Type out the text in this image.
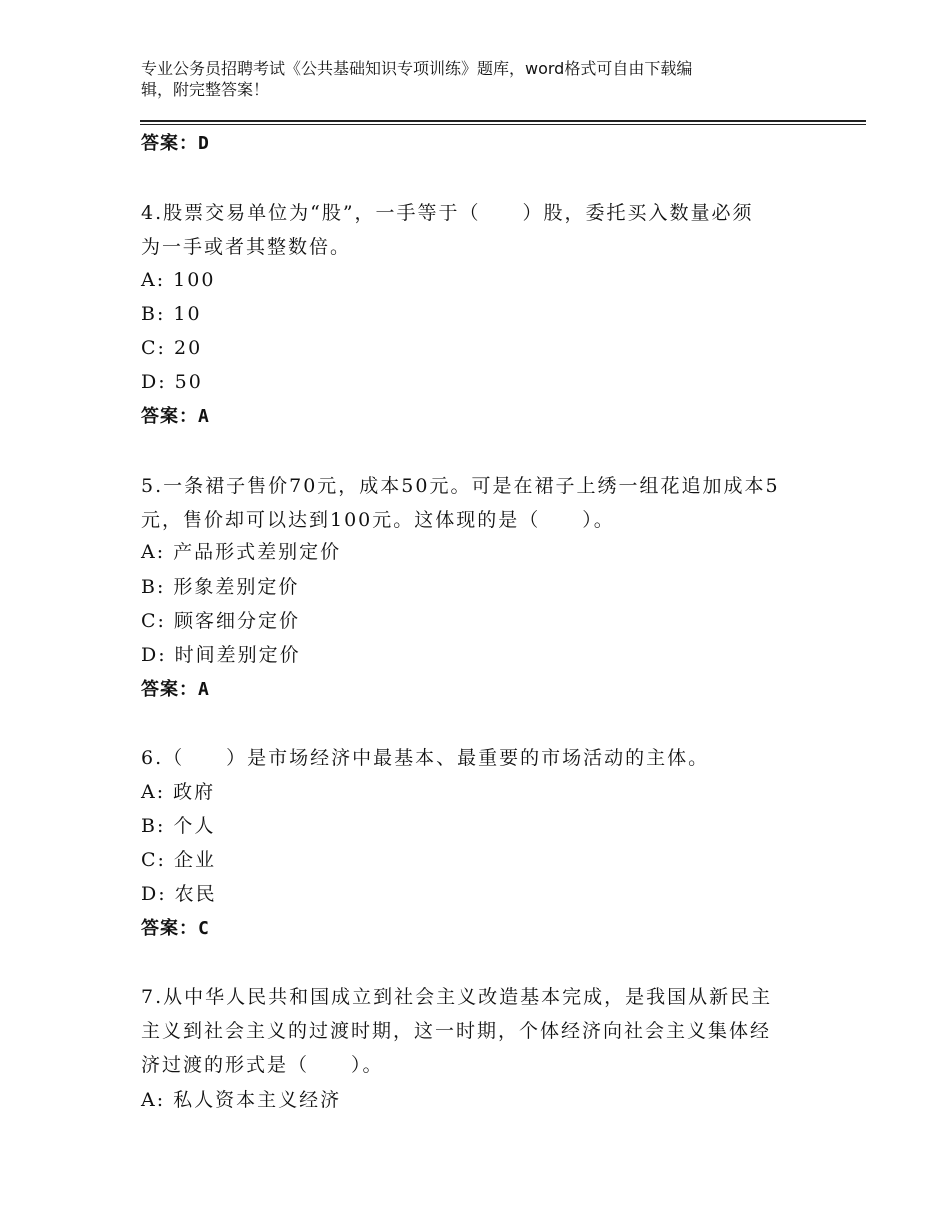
专业公务员招聘考试《公共基础知识专项训练》题库，word格式可自由下载编
辑，附完整答案！
答案：D
4.股票交易单位为“股”，一手等于（　　）股，委托买入数量必须
为一手或者其整数倍。
A: 100
B: 10
C: 20
D: 50
答案：A
5.一条裙子售价70元，成本50元。可是在裙子上绣一组花追加成本5
元，售价却可以达到100元。这体现的是（　　）。
A: 产品形式差别定价
B: 形象差别定价
C: 顾客细分定价
D: 时间差别定价
答案：A
6.（　　）是市场经济中最基本、最重要的市场活动的主体。
A: 政府
B: 个人
C: 企业
D: 农民
答案：C
7.从中华人民共和国成立到社会主义改造基本完成，是我国从新民主
主义到社会主义的过渡时期，这一时期，个体经济向社会主义集体经
济过渡的形式是（　　）。
A: 私人资本主义经济
